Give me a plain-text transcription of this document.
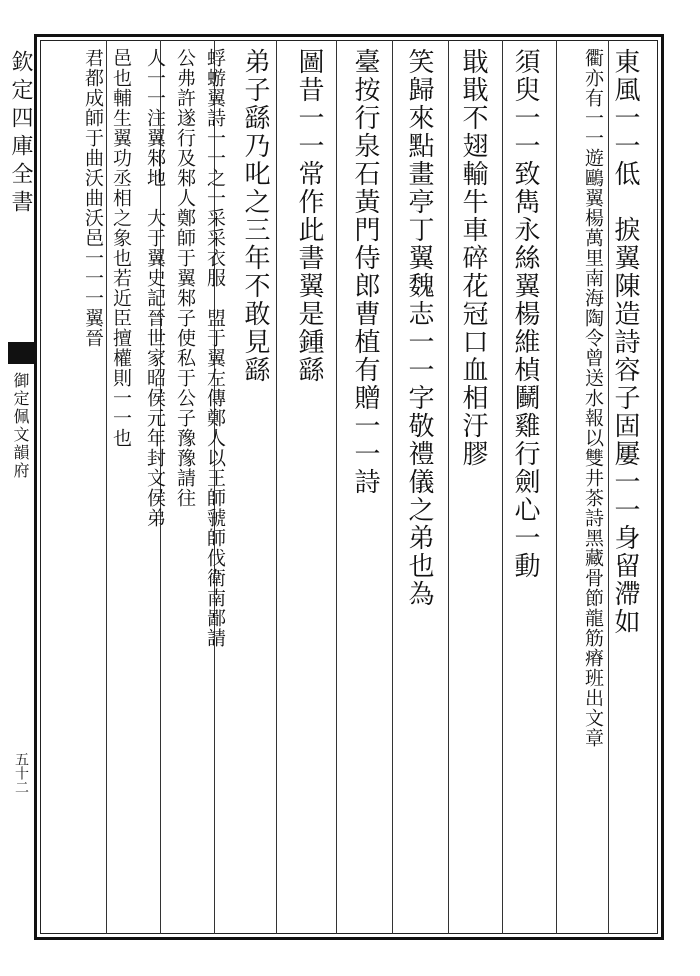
欽定四庫全書
御定佩文韻府
五十二
東風一一低　捩翼陳造詩容子固屢一一身留滯如
衢亦有一一遊鷗翼楊萬里南海陶令曾送水報以雙井茶詩黑藏骨節龍筋瘠班出文章
須臾一一致雋永絲翼楊維楨鬭雞行劍心一動
戢戢不翅輸牛車碎花冠口血相汙膠
笑歸來點畫亭丁翼魏志一一字敬禮儀之弟也為
臺按行泉石黃門侍郎曹植有贈一一詩
圖昔一一常作此書翼是鍾繇
弟子繇乃叱之三年不敢見繇
蜉蝣翼詩一一之一采采衣服　盟于翼左傳鄭人以王師虢師伐衛南鄙請
公弗許遂行及邾人鄭師于翼邾子使私于公子豫豫請往
人一一注翼邾地　大于翼史記晉世家昭侯元年封文侯弟
邑也輔生翼功丞相之象也若近臣擅權則一一也
君都成師于曲沃曲沃邑一一一翼晉
